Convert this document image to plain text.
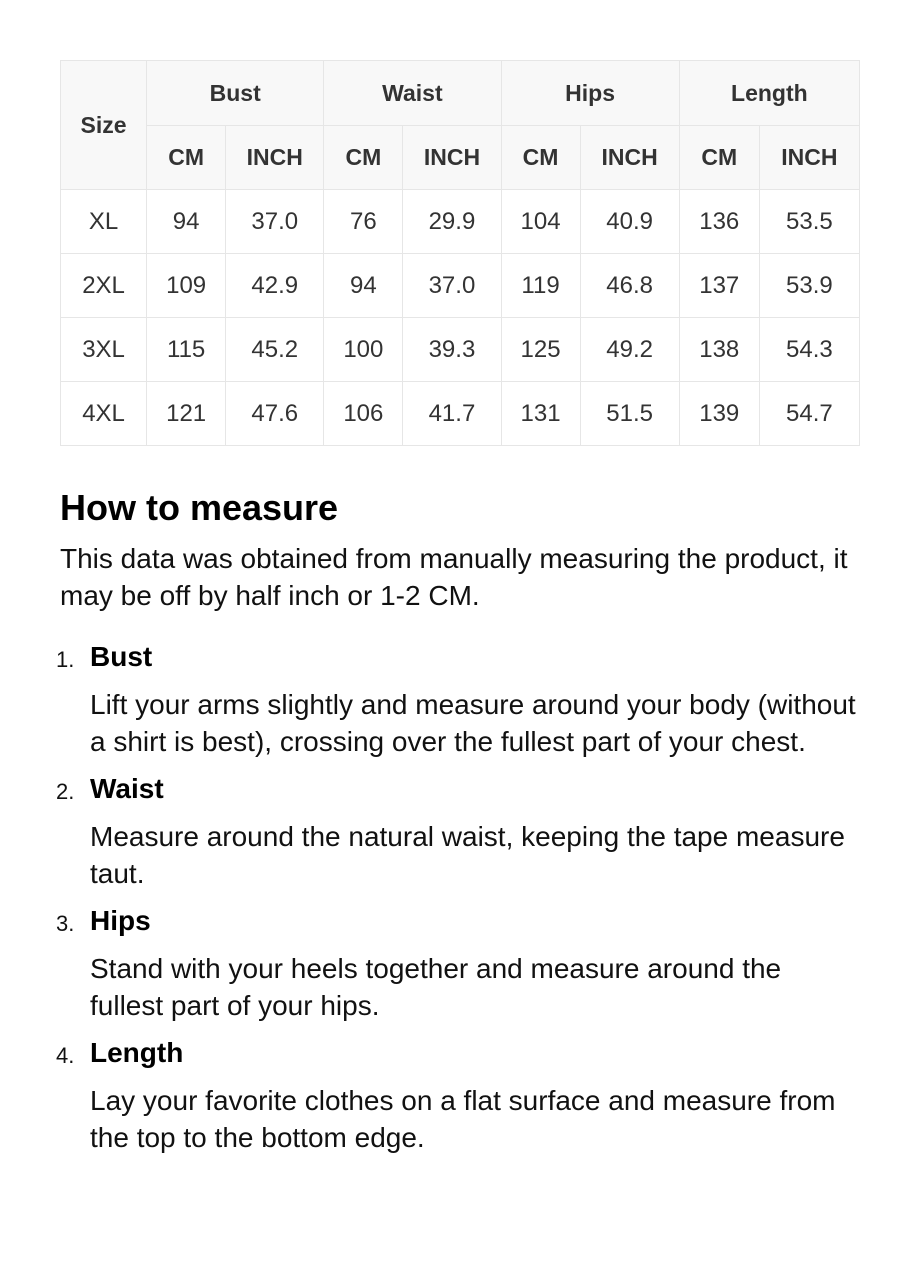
Size	Bust		Waist		Hips		Length	
	CM	INCH	CM	INCH	CM	INCH	CM	INCH
XL	94	37.0	76	29.9	104	40.9	136	53.5
2XL	109	42.9	94	37.0	119	46.8	137	53.9
3XL	115	45.2	100	39.3	125	49.2	138	54.3
4XL	121	47.6	106	41.7	131	51.5	139	54.7
How to measure

This data was obtained from manually measuring the product, it may be off by half inch or 1-2 CM.

1. Bust
Lift your arms slightly and measure around your body (without a shirt is best), crossing over the fullest part of your chest.
2. Waist
Measure around the natural waist, keeping the tape measure taut.
3. Hips
Stand with your heels together and measure around the fullest part of your hips.
4. Length
Lay your favorite clothes on a flat surface and measure from the top to the bottom edge.
